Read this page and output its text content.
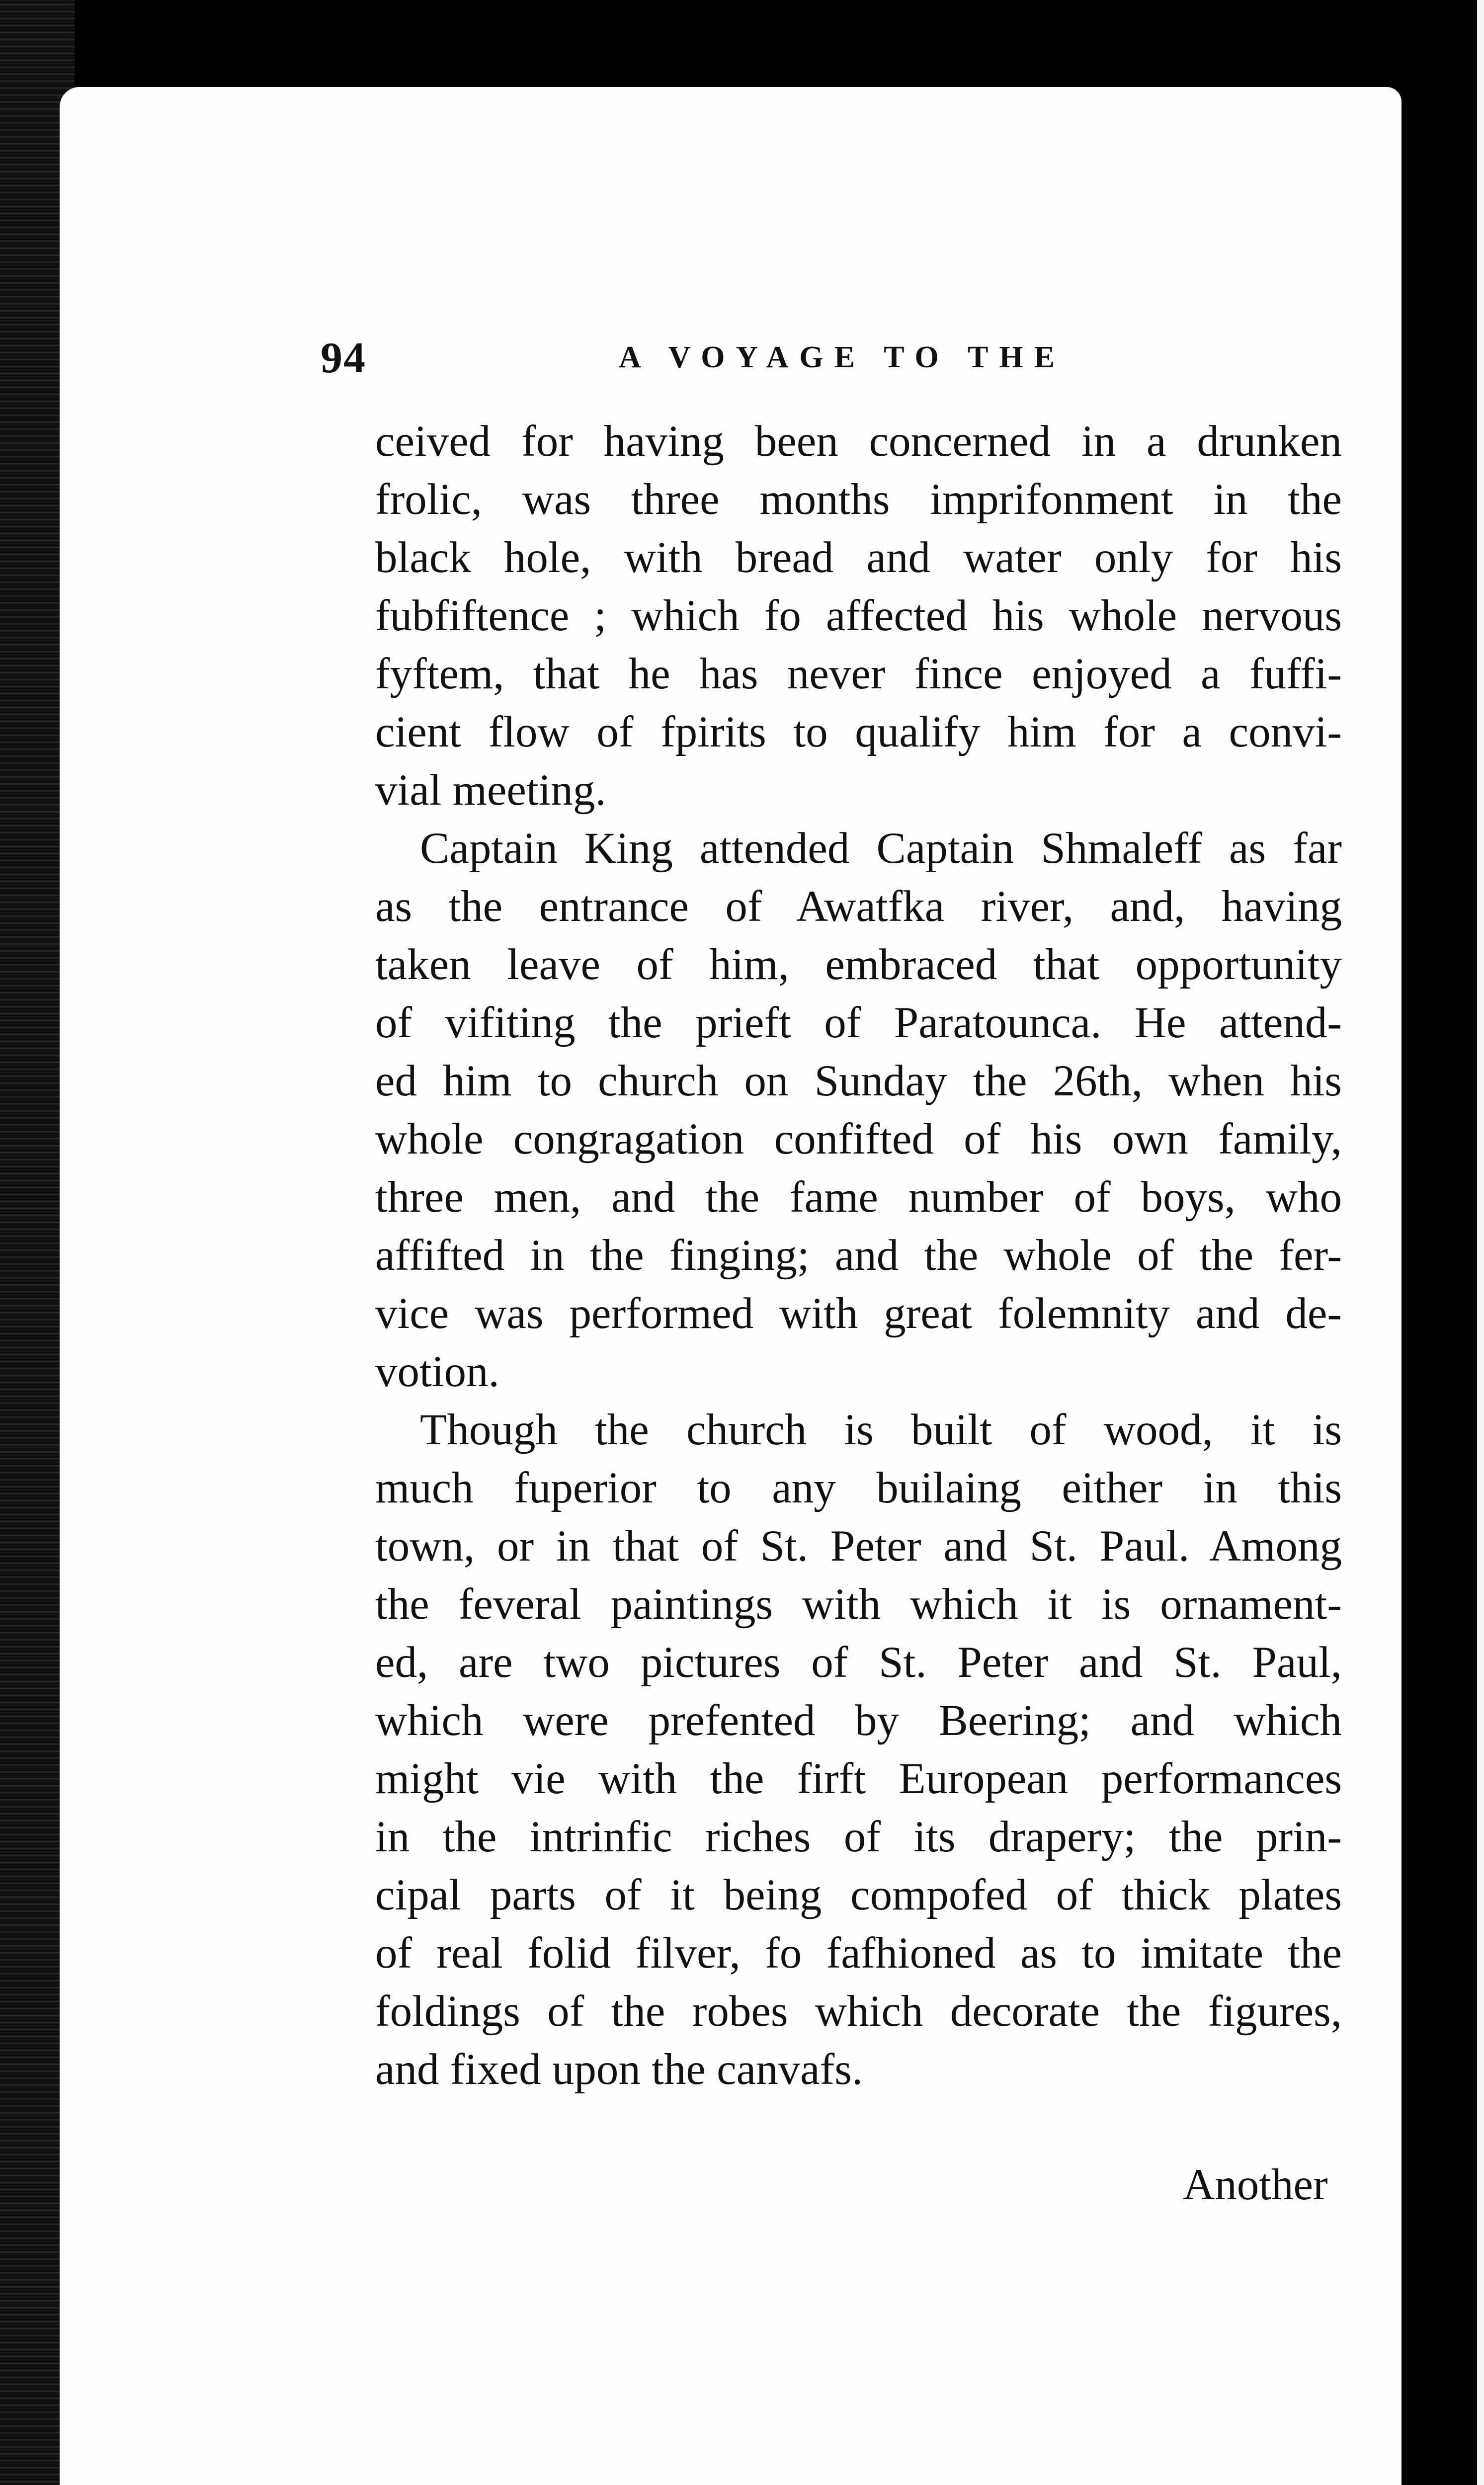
94	A VOYAGE TO THE

ceived for having been concerned in a drunken
frolic, was three months imprifonment in the
black hole, with bread and water only for his
fubfiftence ; which fo affected his whole nervous
fyftem, that he has never fince enjoyed a fuffi-
cient flow of fpirits to qualify him for a convi-
vial meeting.

Captain King attended Captain Shmaleff as far
as the entrance of Awatfka river, and, having
taken leave of him, embraced that opportunity
of vifiting the prieft of Paratounca. He attend-
ed him to church on Sunday the 26th, when his
whole congragation confifted of his own family,
three men, and the fame number of boys, who
affifted in the finging; and the whole of the fer-
vice was performed with great folemnity and de-
votion.

Though the church is built of wood, it is
much fuperior to any builaing either in this
town, or in that of St. Peter and St. Paul. Among
the feveral paintings with which it is ornament-
ed, are two pictures of St. Peter and St. Paul,
which were prefented by Beering; and which
might vie with the firft European performances
in the intrinfic riches of its drapery; the prin-
cipal parts of it being compofed of thick plates
of real folid filver, fo fafhioned as to imitate the
foldings of the robes which decorate the figures,
and fixed upon the canvafs.

Another
